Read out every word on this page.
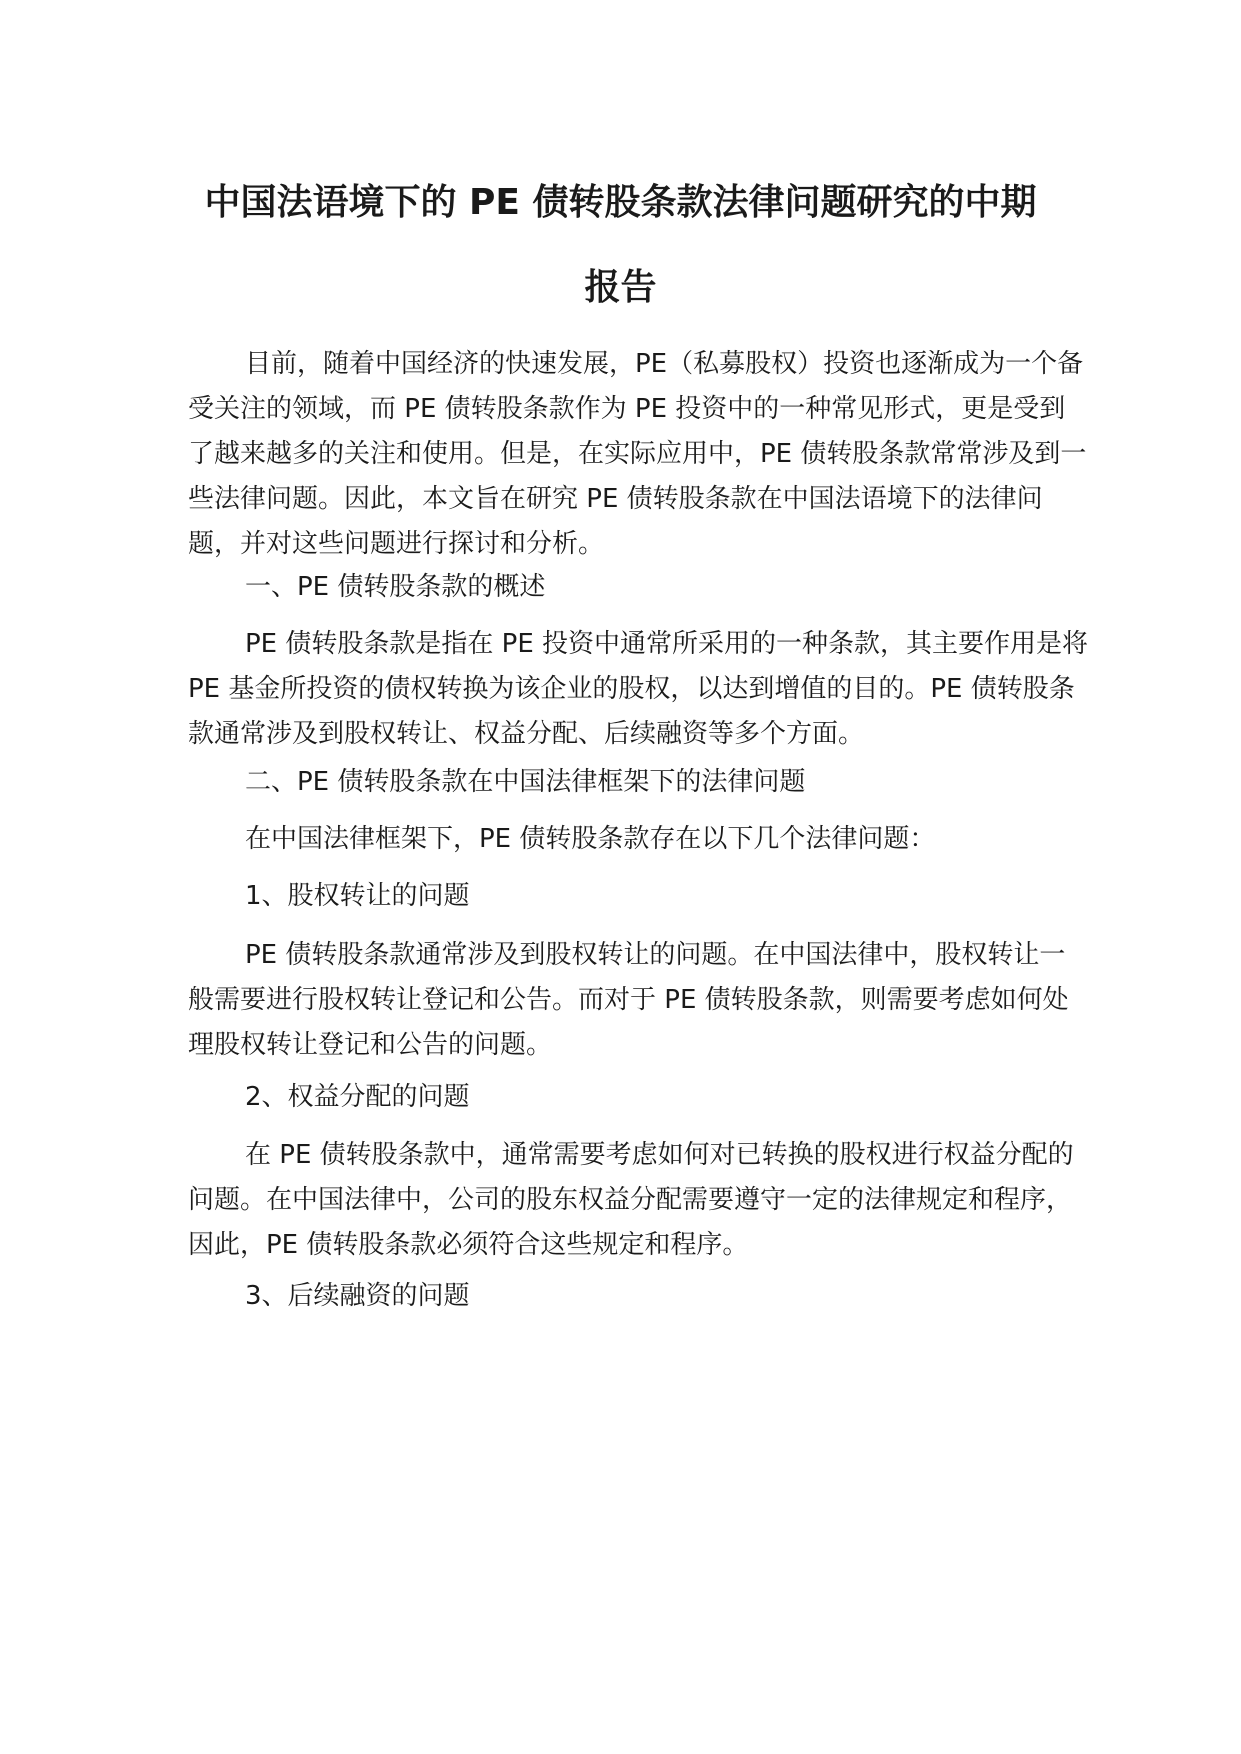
中国法语境下的 PE 债转股条款法律问题研究的中期
报告

目前，随着中国经济的快速发展，PE（私募股权）投资也逐渐成为一个备受关注的领域，而 PE 债转股条款作为 PE 投资中的一种常见形式，更是受到了越来越多的关注和使用。但是，在实际应用中，PE 债转股条款常常涉及到一些法律问题。因此，本文旨在研究 PE 债转股条款在中国法语境下的法律问题，并对这些问题进行探讨和分析。

一、PE 债转股条款的概述

PE 债转股条款是指在 PE 投资中通常所采用的一种条款，其主要作用是将 PE 基金所投资的债权转换为该企业的股权，以达到增值的目的。PE 债转股条款通常涉及到股权转让、权益分配、后续融资等多个方面。

二、PE 债转股条款在中国法律框架下的法律问题

在中国法律框架下，PE 债转股条款存在以下几个法律问题：

1、股权转让的问题

PE 债转股条款通常涉及到股权转让的问题。在中国法律中，股权转让一般需要进行股权转让登记和公告。而对于 PE 债转股条款，则需要考虑如何处理股权转让登记和公告的问题。

2、权益分配的问题

在 PE 债转股条款中，通常需要考虑如何对已转换的股权进行权益分配的问题。在中国法律中，公司的股东权益分配需要遵守一定的法律规定和程序，因此，PE 债转股条款必须符合这些规定和程序。

3、后续融资的问题
